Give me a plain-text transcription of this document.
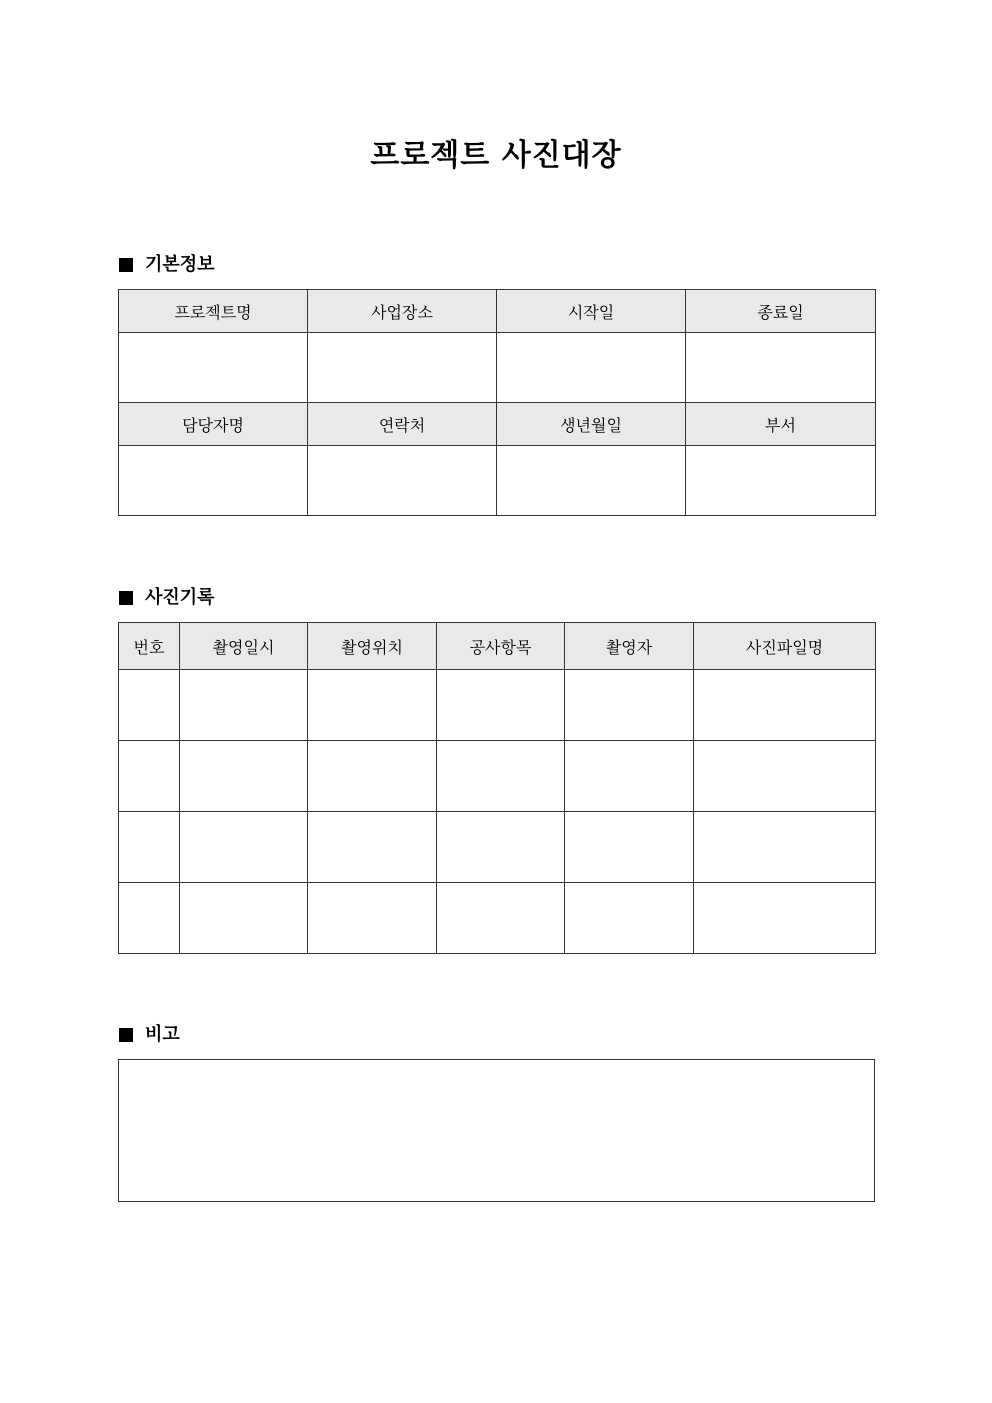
프로젝트 사진대장
기본정보
프로젝트명	사업장소	시작일	종료일

담당자명	연락처	생년월일	부서

사진기록
번호	촬영일시	촬영위치	공사항목	촬영자	사진파일명

비고
